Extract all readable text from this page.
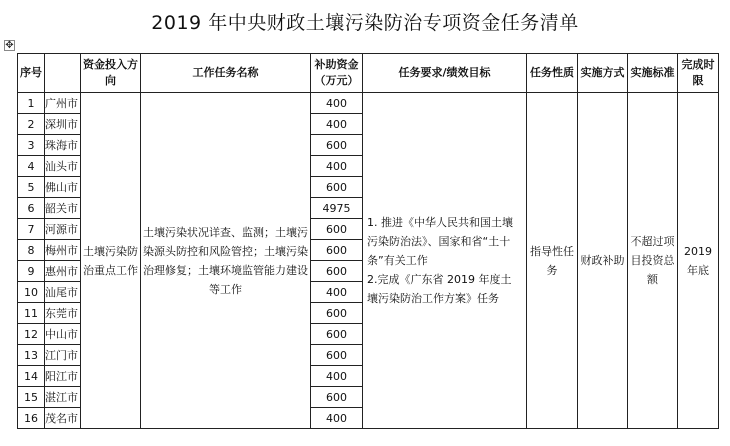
2019 年中央财政土壤污染防治专项资金任务清单
✥
序号		资金投入方向	工作任务名称	补助资金（万元）	任务要求/绩效目标	任务性质	实施方式	实施标准	完成时限
1	广州市	土壤污染防治重点工作	土壤污染状况详查、监测；土壤污染源头防控和风险管控；土壤污染治理修复；土壤环境监管能力建设等工作	400	1. 推进《中华人民共和国土壤污染防治法》、国家和省“土十条”有关工作
2.完成《广东省 2019 年度土壤污染防治工作方案》任务	指导性任务	财政补助	不超过项目投资总额	2019年底
2	深圳市			400					
3	珠海市			600					
4	汕头市			400					
5	佛山市			600					
6	韶关市			4975					
7	河源市			600					
8	梅州市			600					
9	惠州市			600					
10	汕尾市			400					
11	东莞市			600					
12	中山市			600					
13	江门市			600					
14	阳江市			400					
15	湛江市			600					
16	茂名市			400					
